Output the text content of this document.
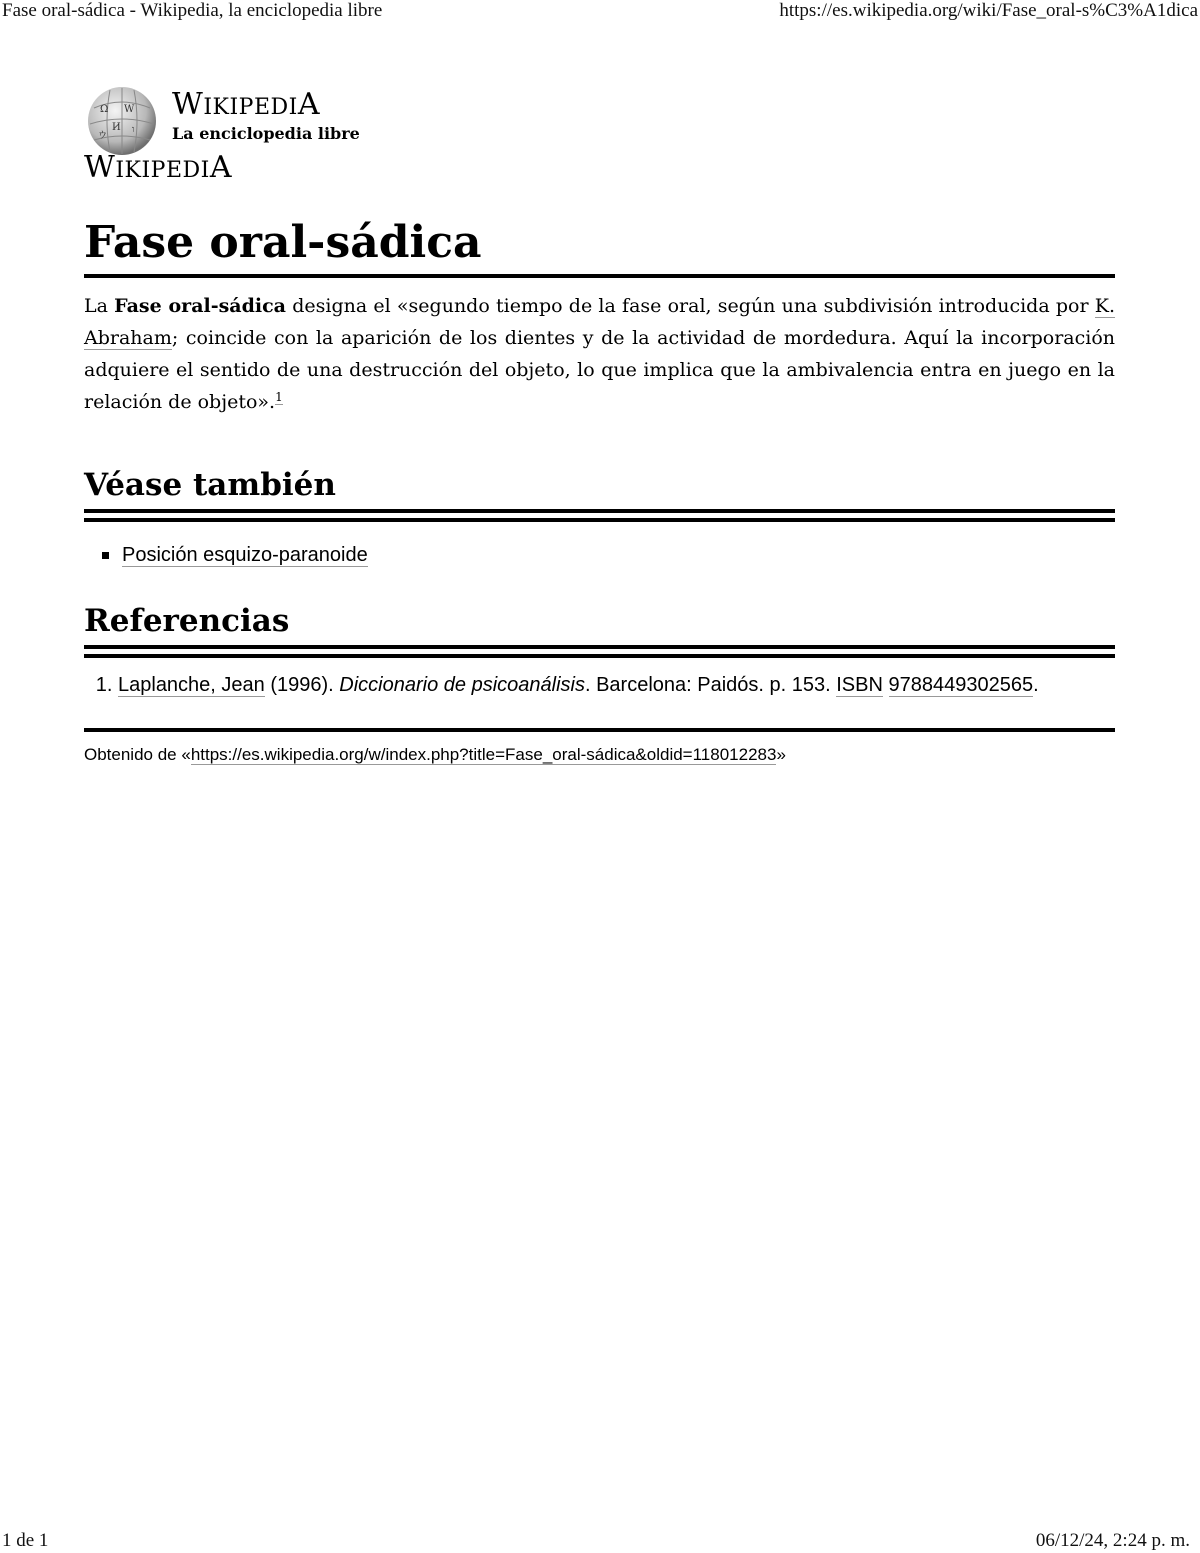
Fase oral-sádica - Wikipedia, la enciclopedia libre	https://es.wikipedia.org/wiki/Fase_oral-s%C3%A1dica
Ω W
И ו
ウ
WIKIPEDIA
La enciclopedia libre
WIKIPEDIA
Fase oral-sádica

La Fase oral-sádica designa el «segundo tiempo de la fase oral, según una subdivisión introducida por K. Abraham; coincide con la aparición de los dientes y de la actividad de mordedura. Aquí la incorporación adquiere el sentido de una destrucción del objeto, lo que implica que la ambivalencia entra en juego en la relación de objeto».$^1$

Véase también
Posición esquizo-paranoide
Referencias
1. Laplanche, Jean (1996). Diccionario de psicoanálisis. Barcelona: Paidós. p. 153. ISBN 9788449302565.
Obtenido de «https://es.wikipedia.org/w/index.php?title=Fase_oral-sádica&oldid=118012283»
1 de 1	06/12/24, 2:24 p. m.
